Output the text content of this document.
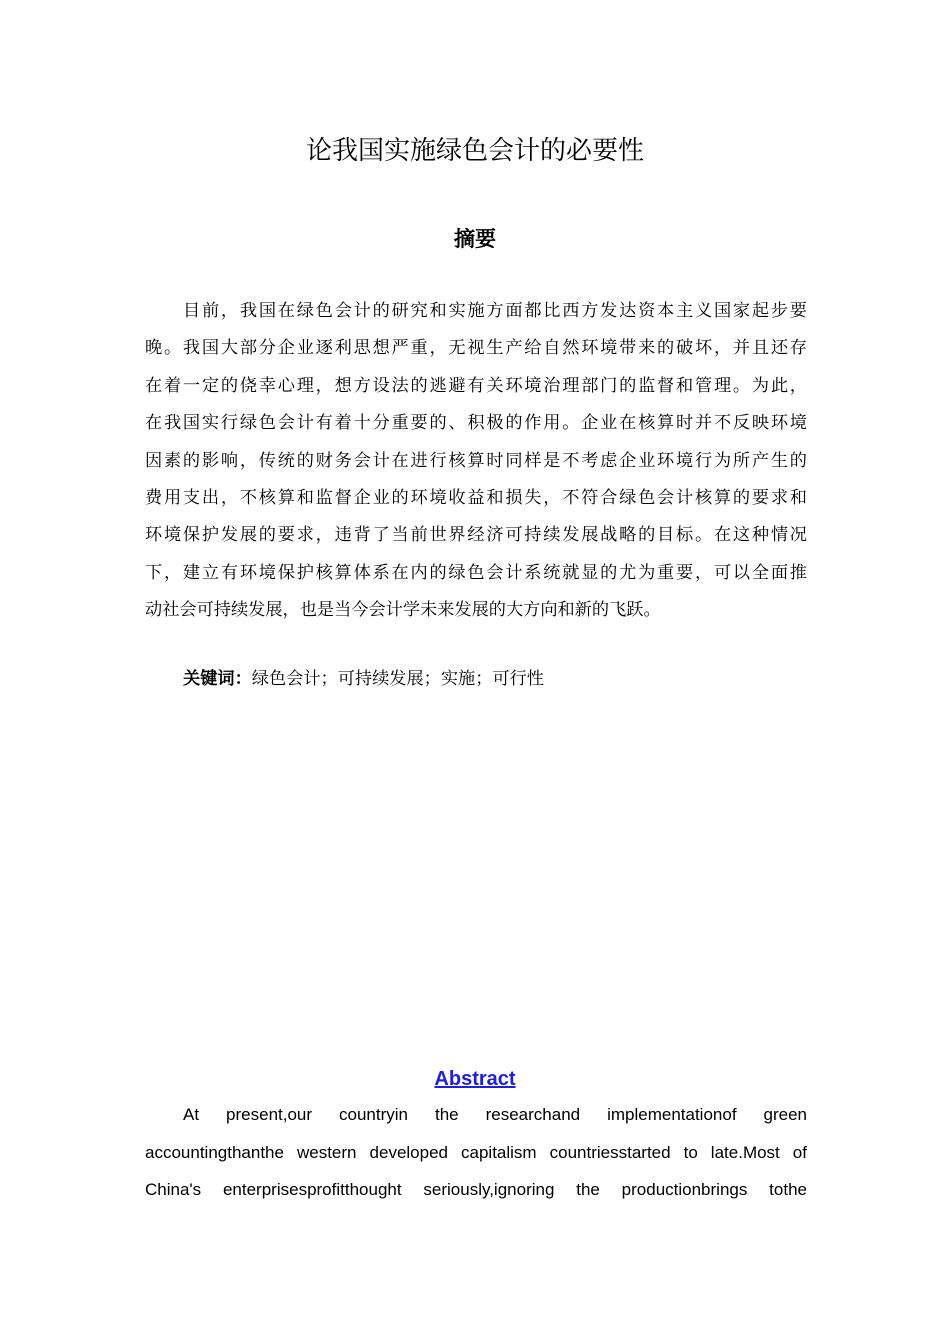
论我国实施绿色会计的必要性
摘要
目前，我国在绿色会计的研究和实施方面都比西方发达资本主义国家起步要
晚。我国大部分企业逐利思想严重，无视生产给自然环境带来的破坏，并且还存
在着一定的侥幸心理，想方设法的逃避有关环境治理部门的监督和管理。为此，
在我国实行绿色会计有着十分重要的、积极的作用。企业在核算时并不反映环境
因素的影响，传统的财务会计在进行核算时同样是不考虑企业环境行为所产生的
费用支出，不核算和监督企业的环境收益和损失，不符合绿色会计核算的要求和
环境保护发展的要求，违背了当前世界经济可持续发展战略的目标。在这种情况
下，建立有环境保护核算体系在内的绿色会计系统就显的尤为重要，可以全面推
动社会可持续发展，也是当今会计学未来发展的大方向和新的飞跃。

关键词：绿色会计；可持续发展；实施；可行性

Abstract
At present,our countryin the researchand implementationof green
accountingthanthe western developed capitalism countriesstarted to late.Most of
China's enterprisesprofitthought seriously,ignoring the productionbrings tothe
